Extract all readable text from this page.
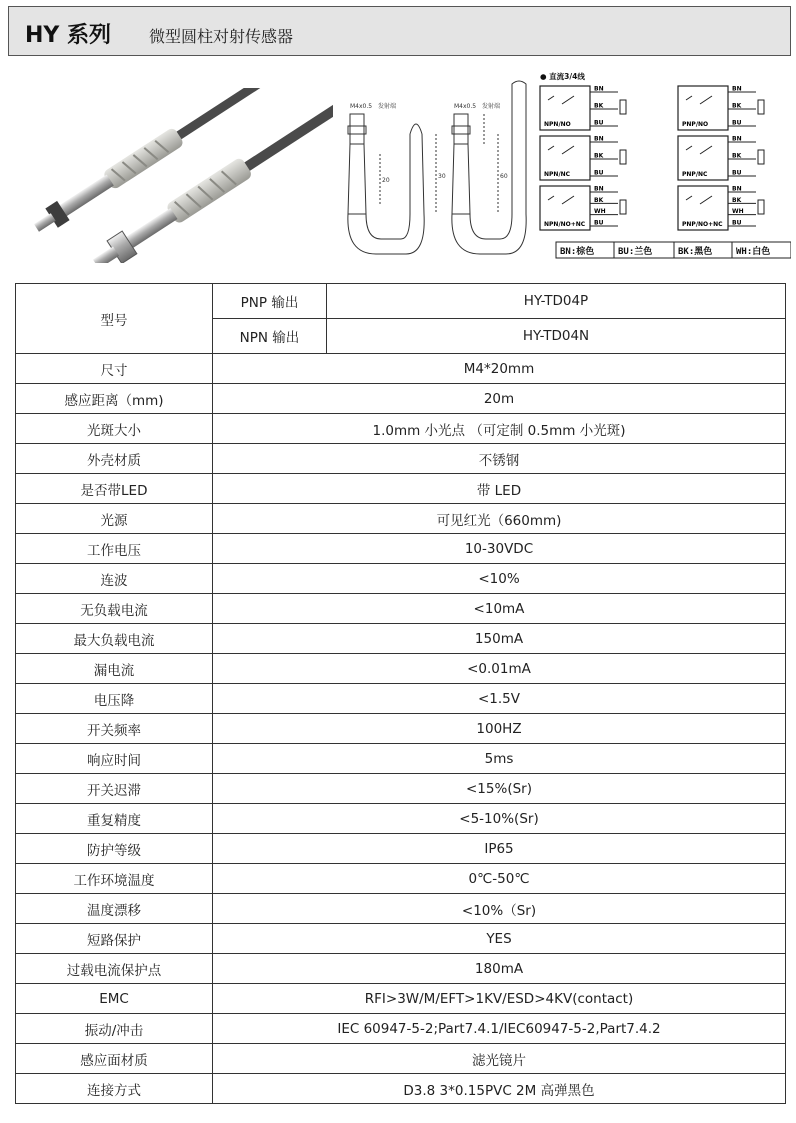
HY 系列 微型圆柱对射传感器
M4x0.5 发射端	M4x0.5 发射端
20
30	60
● 直流3/4线
NPN/NO
BN
BK
BU	PNP/NO
BN
BK
BU
NPN/NC
BN
BK
BU	PNP/NC
BN
BK
BU
NPN/NO+NC
BN
BK
WH
BU	PNP/NO+NC
BN
BK
WH
BU
BN:棕色	BU:兰色	BK:黑色	WH:白色
型号	PNP 输出	HY-TD04P
	NPN 输出	HY-TD04N
尺寸	M4*20mm	
感应距离（mm)	20m	
光斑大小	1.0mm 小光点 （可定制 0.5mm 小光斑)	
外壳材质	不锈钢	
是否带LED	带 LED	
光源	可见红光（660mm)	
工作电压	10-30VDC	
连波	<10%	
无负载电流	<10mA	
最大负载电流	150mA	
漏电流	<0.01mA	
电压降	<1.5V	
开关频率	100HZ	
响应时间	5ms	
开关迟滞	<15%(Sr)	
重复精度	<5-10%(Sr)	
防护等级	IP65	
工作环境温度	0℃-50℃	
温度漂移	<10%（Sr)	
短路保护	YES	
过载电流保护点	180mA	
EMC	RFI>3W/M/EFT>1KV/ESD>4KV(contact)	
振动/冲击	IEC 60947-5-2;Part7.4.1/IEC60947-5-2,Part7.4.2	
感应面材质	滤光镜片	
连接方式	D3.8 3*0.15PVC 2M 高弹黑色	
